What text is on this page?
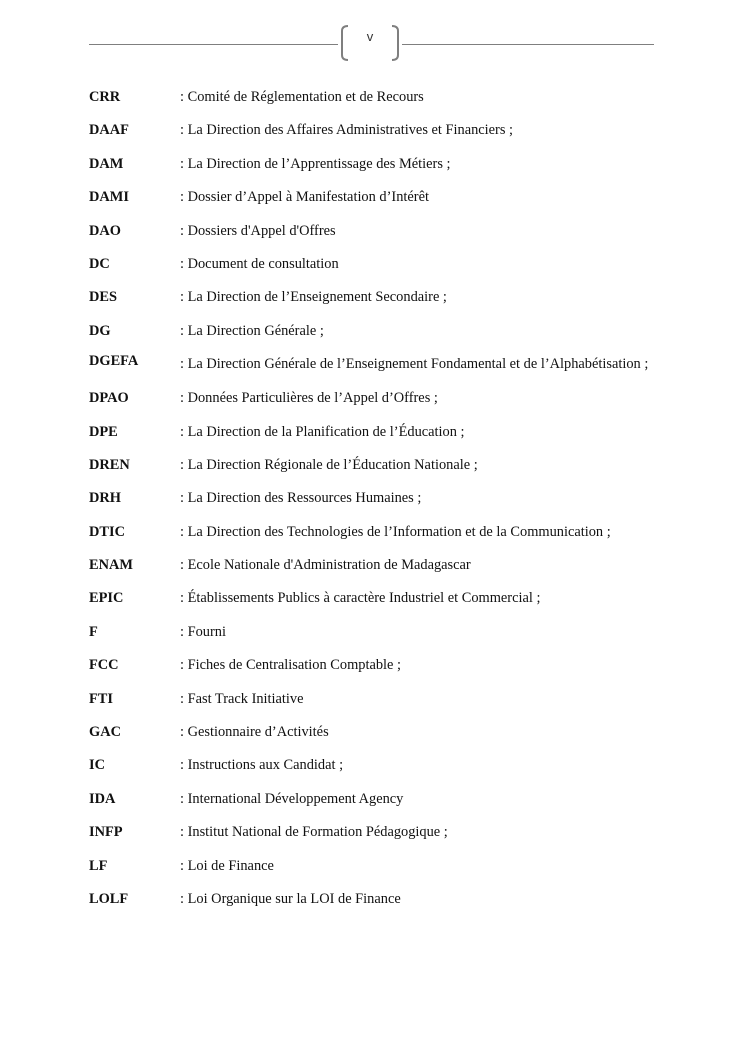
v
CRR	: Comité de Réglementation et de Recours
DAAF	: La Direction des Affaires Administratives et Financiers ;
DAM	: La Direction de l’Apprentissage des Métiers ;
DAMI	: Dossier d’Appel à Manifestation d’Intérêt
DAO	: Dossiers d'Appel d'Offres
DC	: Document de consultation
DES	: La Direction de l’Enseignement Secondaire ;
DG	: La Direction Générale ;
DGEFA	: La Direction Générale de l’Enseignement Fondamental et de l’Alphabétisation ;
DPAO	: Données Particulières de l’Appel d’Offres ;
DPE	: La Direction de la Planification de l’Éducation ;
DREN	: La Direction Régionale de l’Éducation Nationale ;
DRH	: La Direction des Ressources Humaines ;
DTIC	: La Direction des Technologies de l’Information et de la Communication ;
ENAM	: Ecole Nationale d'Administration de Madagascar
EPIC	: Établissements Publics à caractère Industriel et Commercial ;
F	: Fourni
FCC	: Fiches de Centralisation Comptable ;
FTI	: Fast Track Initiative
GAC	: Gestionnaire d’Activités
IC	: Instructions aux Candidat ;
IDA	: International Développement Agency
INFP	: Institut National de Formation Pédagogique ;
LF	: Loi de Finance
LOLF	: Loi Organique sur la LOI de Finance
